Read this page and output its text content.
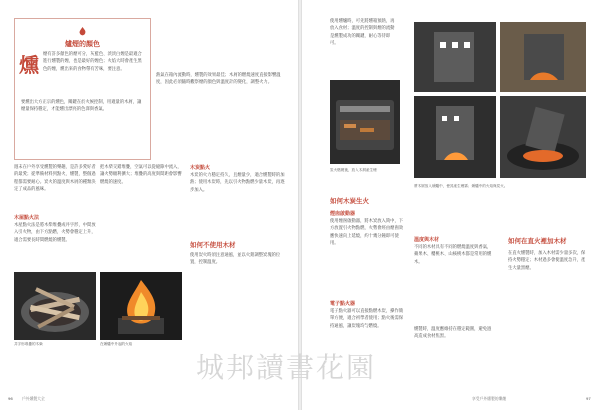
爐煙的顏色
燻 煙有許多顏色的煙可分，灰藍色、淡淡白煙是最適合進行燻製的煙，也是最好的煙色；火焰大時會產生黑色的煙，燻出來的食物帶有苦味，要注意。

要燻出大方正宗的燻色，關鍵在於火候控制，用適量的木屑，讓煙量保持穩定，才能燻出漂亮的色澤與香氣。

熱氣在箱內流動時，燻製的效果最佳；木屑的燃燒速度直接影響溫度，因此必須隨時觀察煙的顏色與溫度計的變化，調整火力。

週末在戶外享受燻製的樂趣，是許多愛好者的最愛；從準備材料到點火、燻製，整個過程都需要耐心。炭火的溫度與木屑的種類決定了成品的風味。

木屋點火法

木屋點火法是將木柴堆疊成井字形，中間放入引火物，由下方點燃，火勢會穩定上升，適合需要長時間燃燒的燻製。

把木柴交錯堆疊，空氣可以從縫隙中流入，讓火勢順利擴大；堆疊的高度與間距會影響燃燒的速度。

木炭點火

木炭的火力穩定持久，且煙量少，適合燻製時的加熱；使用木炭時，先以引火物點燃少量木炭，再逐步加入。

如何不使用木材

使用炭火時須注意通風，並以火鉗調整炭塊的位置，控制溫度。

井字形堆疊的木柴	在燻爐中升起的火焰
96 戶外燻製大全

使用燻爐時，可先將燻箱預熱，再放入食材；溫度的控制與煙的流動是燻製成功的關鍵，耐心等待即可。

炭火燃燒後，放入木屑產生煙
如何木炭生火
煙囪啟動器

使用煙囪啟動器，將木炭放入筒中，下方放置引火物點燃，火勢會經由煙囪效應快速向上延燒，約十幾分鐘即可使用。

電子點火器

電子點火器可以直接點燃木炭，操作簡單方便，適合初學者使用；點火後需保持通風，讓炭塊均勻燃燒。

將木屑放入燻爐中，使其產生煙霧；燻爐中的火焰與炭火。
溫度與木材

不同的木材具有不同的燃燒溫度與香氣，蘋果木、櫻桃木、山核桃木都是常用的燻木。

燻製時，溫度應維持在穩定範圍，避免過高造成食材焦黑。

如何在直火裡加木材

在直火燻製時，加入木材需少量多次，保持火勢穩定；木材過多會使溫度急升，產生大量黑煙。

享受戶外燻製的樂趣	97
城邦讀書花園
